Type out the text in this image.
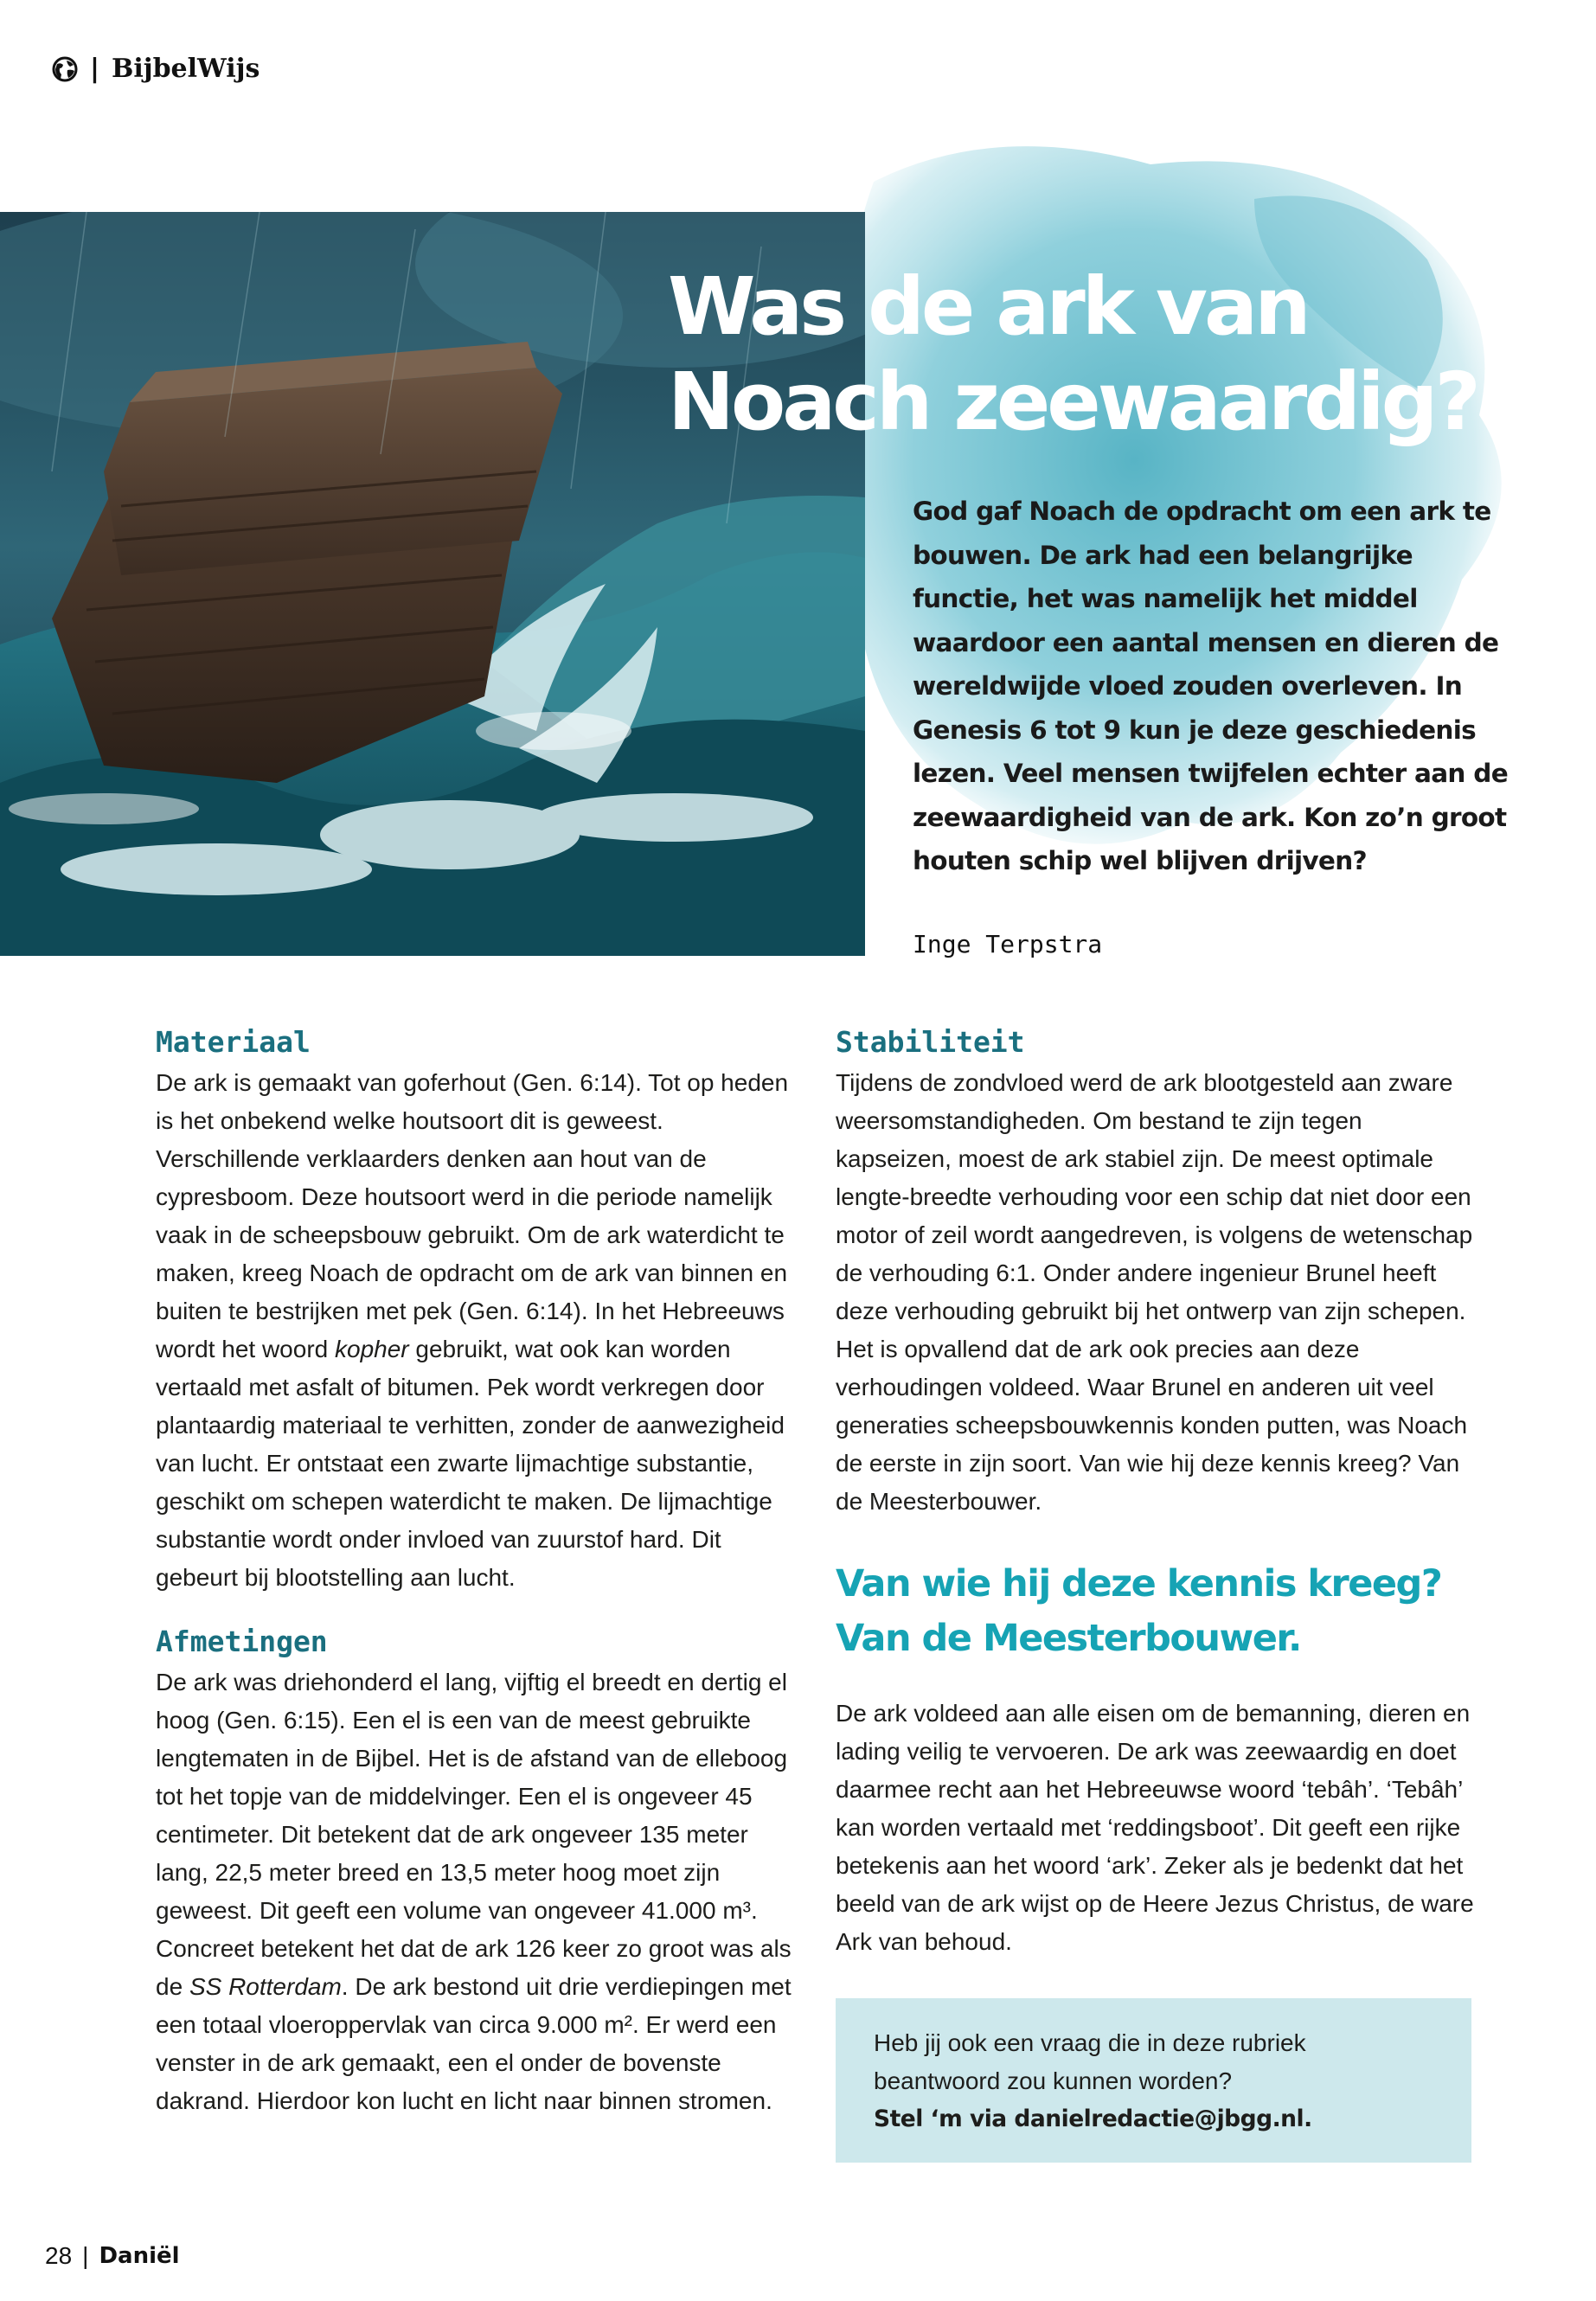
| BijbelWijs
Was de ark van Noach zeewaardig?

God gaf Noach de opdracht om een ark te bouwen. De ark had een belangrijke functie, het was namelijk het middel waardoor een aantal mensen en dieren de wereldwijde vloed zouden overleven. In Genesis 6 tot 9 kun je deze geschiedenis lezen. Veel mensen twijfelen echter aan de zeewaardigheid van de ark. Kon zo’n groot houten schip wel blijven drijven?

Inge Terpstra

Materiaal

De ark is gemaakt van goferhout (Gen. 6:14). Tot op heden is het onbekend welke houtsoort dit is geweest. Verschillende verklaarders denken aan hout van de cypresboom. Deze houtsoort werd in die periode namelijk vaak in de scheepsbouw gebruikt. Om de ark waterdicht te maken, kreeg Noach de opdracht om de ark van binnen en buiten te bestrijken met pek (Gen. 6:14). In het Hebreeuws wordt het woord kopher gebruikt, wat ook kan worden vertaald met asfalt of bitumen. Pek wordt verkregen door plantaardig materiaal te verhitten, zonder de aanwezigheid van lucht. Er ontstaat een zwarte lijmachtige substantie, geschikt om schepen waterdicht te maken. De lijmachtige substantie wordt onder invloed van zuurstof hard. Dit gebeurt bij blootstelling aan lucht.

Afmetingen

De ark was driehonderd el lang, vijftig el breedt en dertig el hoog (Gen. 6:15). Een el is een van de meest gebruikte lengtematen in de Bijbel. Het is de afstand van de elleboog tot het topje van de middelvinger. Een el is ongeveer 45 centimeter. Dit betekent dat de ark ongeveer 135 meter lang, 22,5 meter breed en 13,5 meter hoog moet zijn geweest. Dit geeft een volume van ongeveer 41.000 m³. Concreet betekent het dat de ark 126 keer zo groot was als de SS Rotterdam. De ark bestond uit drie verdiepingen met een totaal vloeroppervlak van circa 9.000 m². Er werd een venster in de ark gemaakt, een el onder de bovenste dakrand. Hierdoor kon lucht en licht naar binnen stromen.

Stabiliteit

Tijdens de zondvloed werd de ark blootgesteld aan zware weersomstandigheden. Om bestand te zijn tegen kapseizen, moest de ark stabiel zijn. De meest optimale lengte-breedte verhouding voor een schip dat niet door een motor of zeil wordt aangedreven, is volgens de wetenschap de verhouding 6:1. Onder andere ingenieur Brunel heeft deze verhouding gebruikt bij het ontwerp van zijn schepen. Het is opvallend dat de ark ook precies aan deze verhoudingen voldeed. Waar Brunel en anderen uit veel generaties scheepsbouwkennis konden putten, was Noach de eerste in zijn soort. Van wie hij deze kennis kreeg? Van de Meesterbouwer.

Van wie hij deze kennis kreeg? Van de Meesterbouwer.

De ark voldeed aan alle eisen om de bemanning, dieren en lading veilig te vervoeren. De ark was zeewaardig en doet daarmee recht aan het Hebreeuwse woord ‘tebâh’. ‘Tebâh’ kan worden vertaald met ‘reddingsboot’. Dit geeft een rijke betekenis aan het woord ‘ark’. Zeker als je bedenkt dat het beeld van de ark wijst op de Heere Jezus Christus, de ware Ark van behoud.

Heb jij ook een vraag die in deze rubriek beantwoord zou kunnen worden?

Stel ‘m via danielredactie@jbgg.nl.

28 | Daniël
